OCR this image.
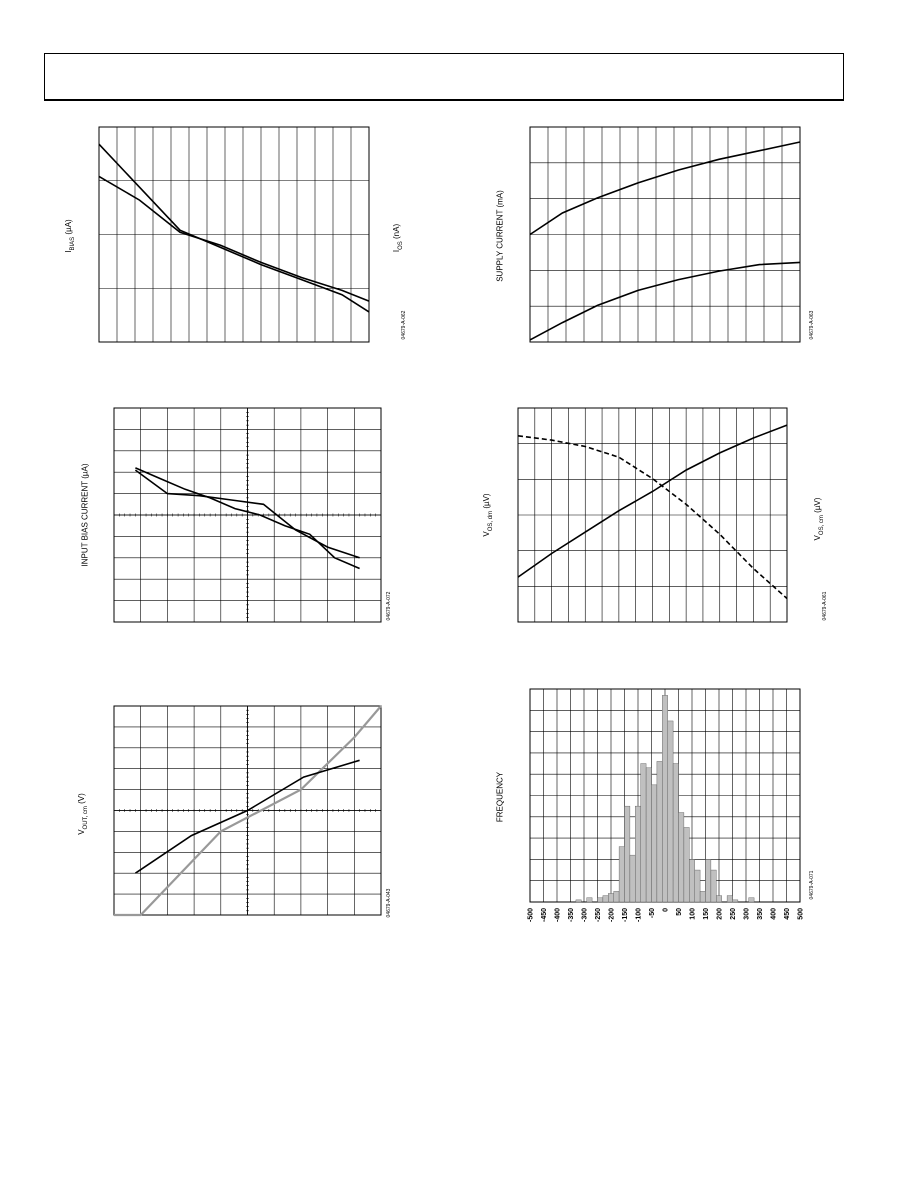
-500 -450 -400 -350 -300 -250 -200 -150 -100 -50 0 50 100 150 200 250 300 350 400 450 500
$I_{BIAS}$ (µA)
$I_{OS}$ (nA)
04679-A-062
SUPPLY CURRENT (mA)
04679-A-063
INPUT BIAS CURRENT (µA)
04679-A-072
$V_{OS, dm}$ (µV)
$V_{OS, cm}$ (µV)
04679-A-061
$V_{OUT, cm}$ (V)
04679-A-043
FREQUENCY
04679-A-071
